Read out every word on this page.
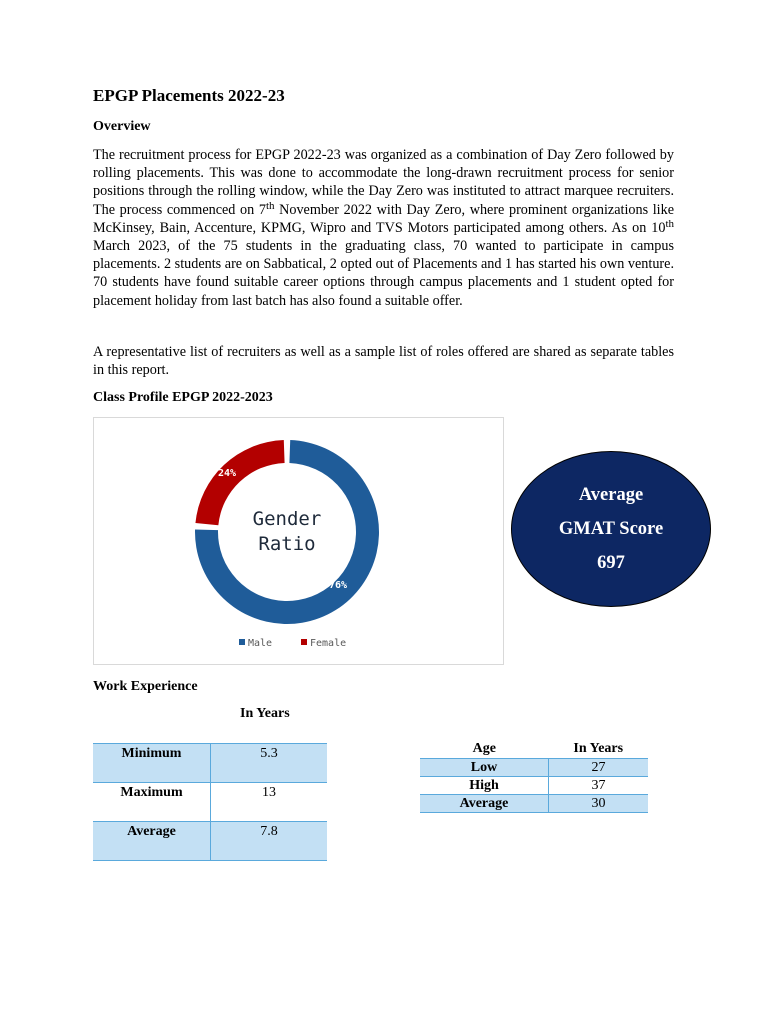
EPGP Placements 2022-23
Overview

The recruitment process for EPGP 2022-23 was organized as a combination of Day Zero followed by rolling placements. This was done to accommodate the long-drawn recruitment process for senior positions through the rolling window, while the Day Zero was instituted to attract marquee recruiters. The process commenced on 7th November 2022 with Day Zero, where prominent organizations like McKinsey, Bain, Accenture, KPMG, Wipro and TVS Motors participated among others. As on 10th March 2023, of the 75 students in the graduating class, 70 wanted to participate in campus placements. 2 students are on Sabbatical, 2 opted out of Placements and 1 has started his own venture. 70 students have found suitable career options through campus placements and 1 student opted for placement holiday from last batch has also found a suitable offer.

A representative list of recruiters as well as a sample list of roles offered are shared as separate tables in this report.

Class Profile EPGP 2022-2023
Gender
Ratio
76%
24%
Male	Female
Average
GMAT Score
697
Work Experience
In Years
Minimum	5.3
Maximum	13
Average	7.8
Age	In Years
Low	27
High	37
Average	30
